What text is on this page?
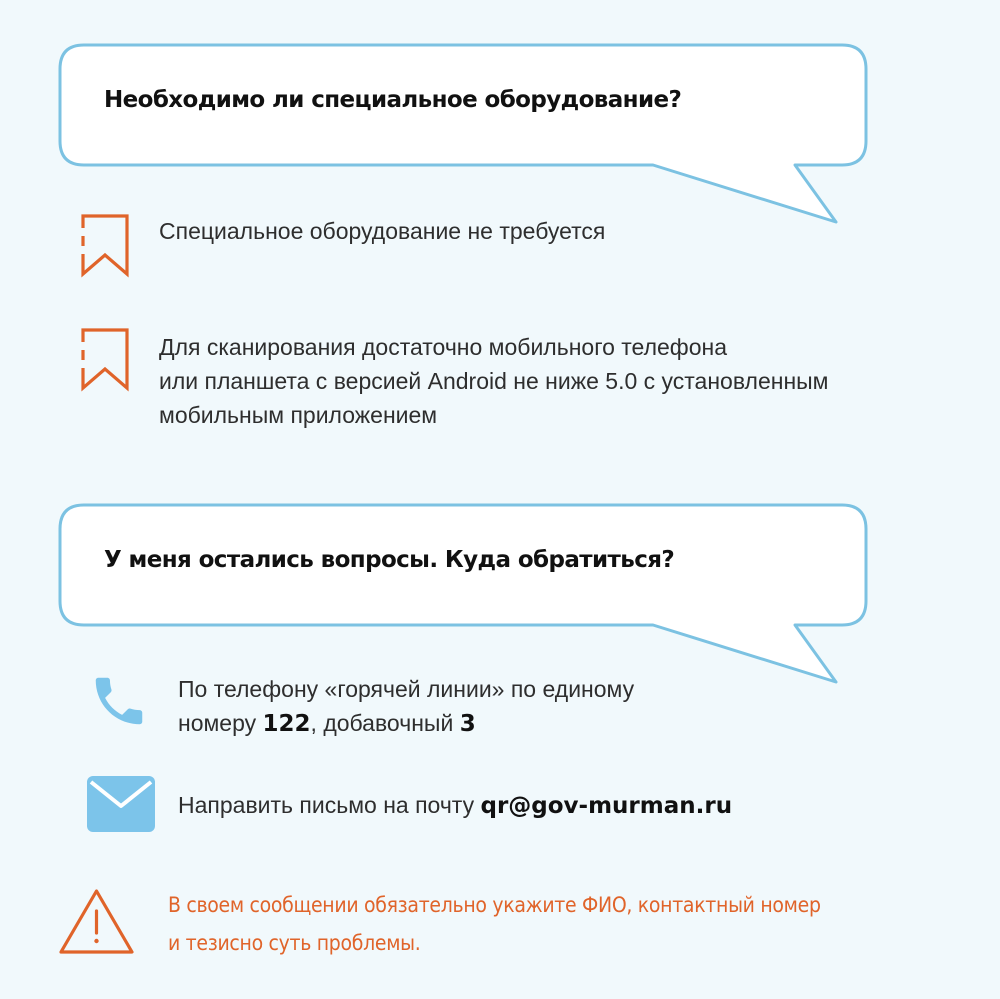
Необходимо ли специальное оборудование?
Специальное оборудование не требуется
Для сканирования достаточно мобильного телефона
или планшета с версией Android не ниже 5.0 с установленным
мобильным приложением
У меня остались вопросы. Куда обратиться?
По телефону «горячей линии» по единому
номеру 122, добавочный 3
Направить письмо на почту qr@gov-murman.ru
В своем сообщении обязательно укажите ФИО, контактный номер
и тезисно суть проблемы.
